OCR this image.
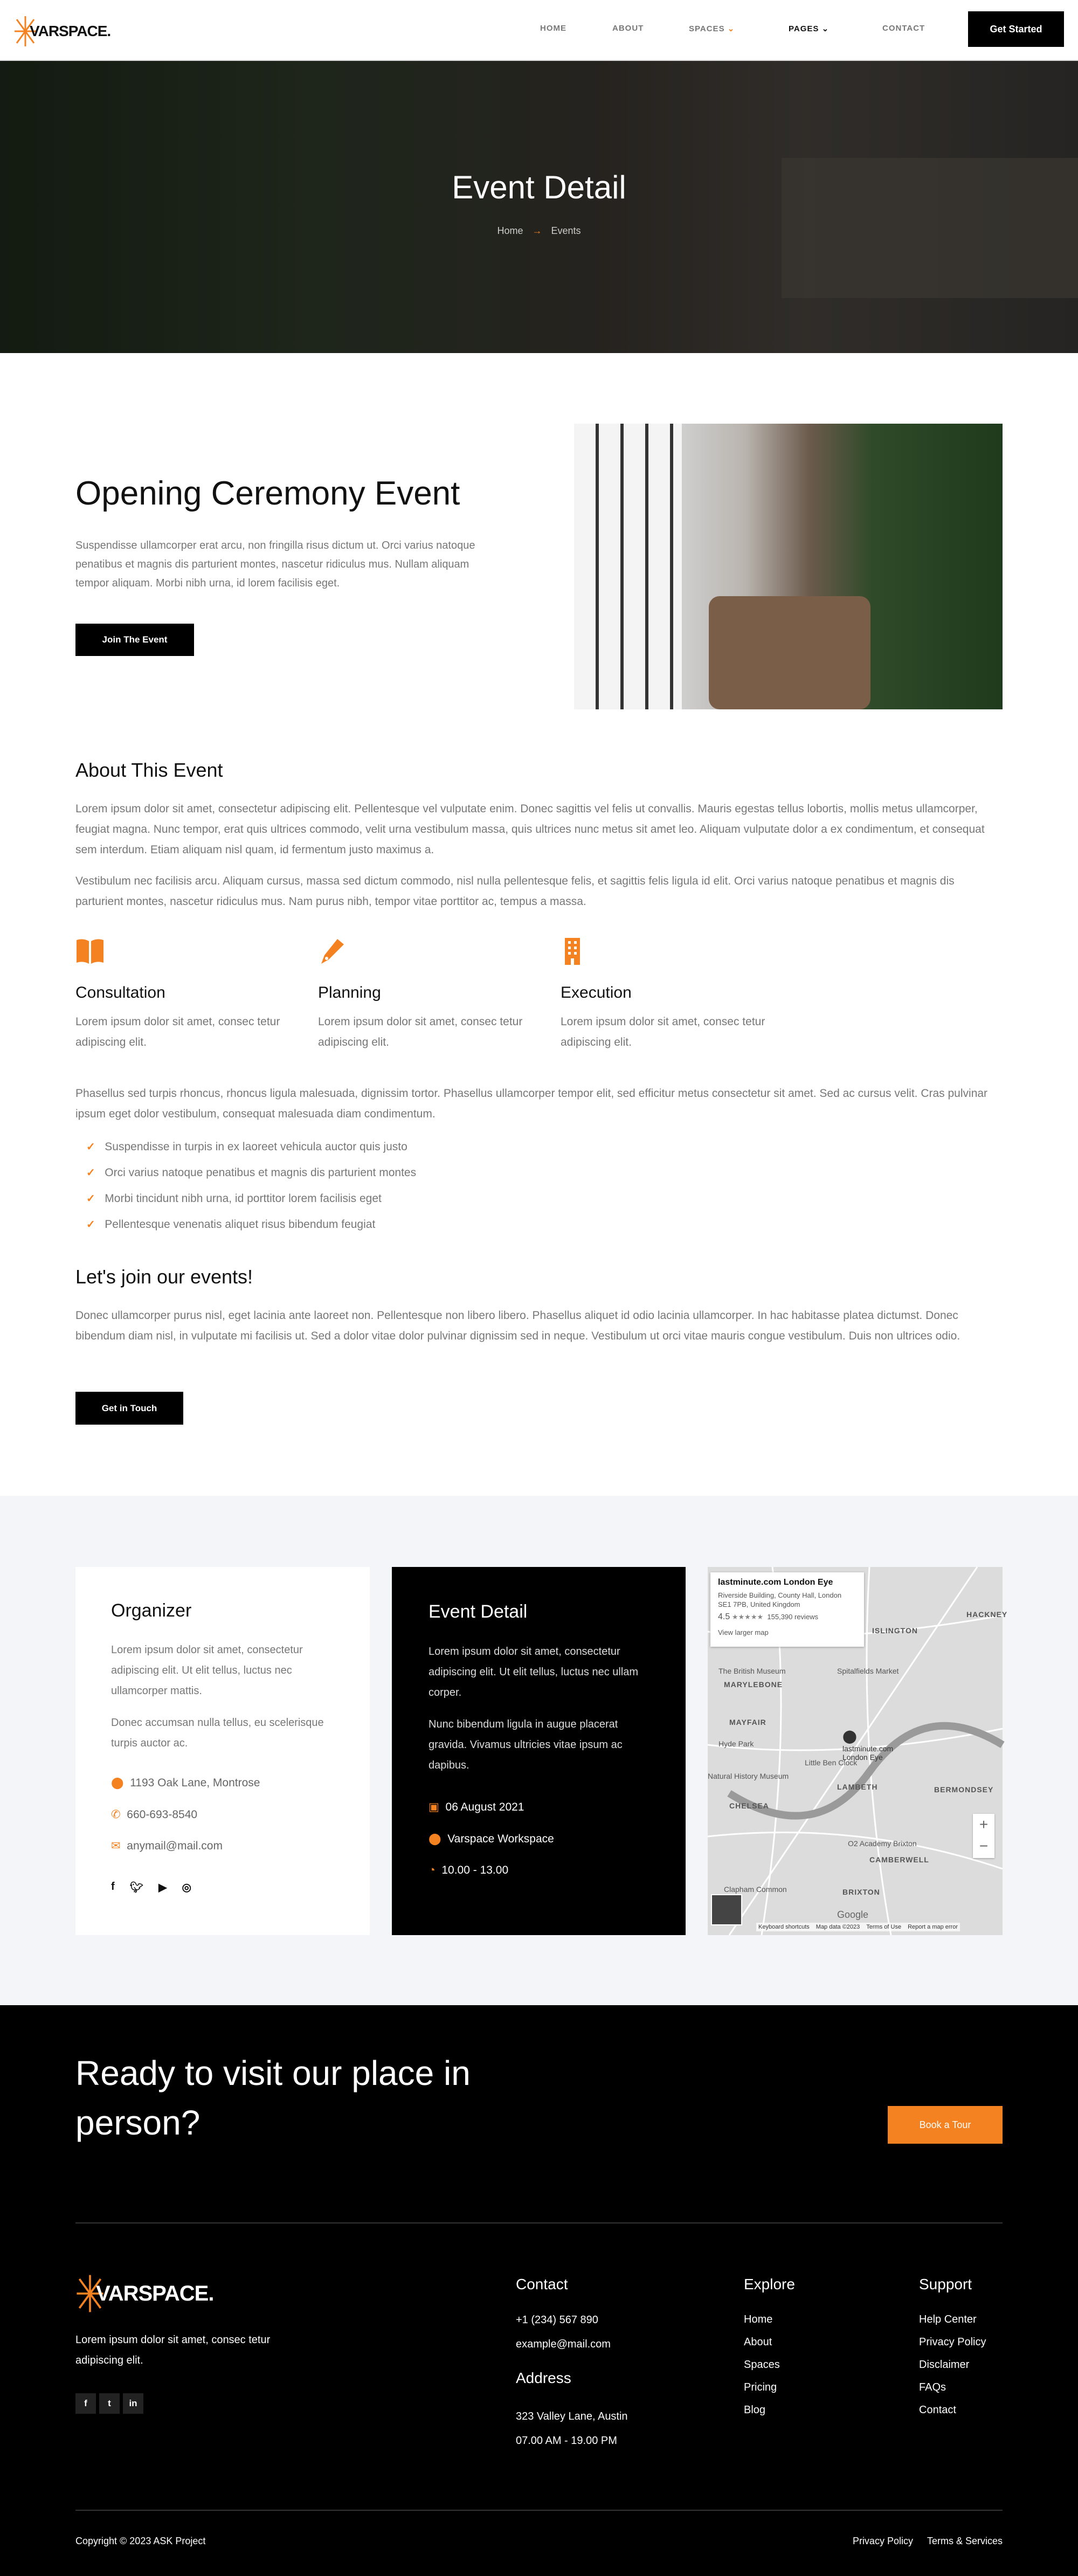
VARSPACE.	HOME	ABOUT	SPACES ⌄	PAGES ⌄	CONTACT	Get Started
Event Detail
Home → Events
Opening Ceremony Event

Suspendisse ullamcorper erat arcu, non fringilla risus dictum ut. Orci varius natoque penatibus et magnis dis parturient montes, nascetur ridiculus mus. Nullam aliquam tempor aliquam. Morbi nibh urna, id lorem facilisis eget.

Join The Event
About This Event

Lorem ipsum dolor sit amet, consectetur adipiscing elit. Pellentesque vel vulputate enim. Donec sagittis vel felis ut convallis. Mauris egestas tellus lobortis, mollis metus ullamcorper, feugiat magna. Nunc tempor, erat quis ultrices commodo, velit urna vestibulum massa, quis ultrices nunc metus sit amet leo. Aliquam vulputate dolor a ex condimentum, et consequat sem interdum. Etiam aliquam nisl quam, id fermentum justo maximus a.

Vestibulum nec facilisis arcu. Aliquam cursus, massa sed dictum commodo, nisl nulla pellentesque felis, et sagittis felis ligula id elit. Orci varius natoque penatibus et magnis dis parturient montes, nascetur ridiculus mus. Nam purus nibh, tempor vitae porttitor ac, tempus a massa.

Consultation

Lorem ipsum dolor sit amet, consec tetur adipiscing elit.

Planning

Lorem ipsum dolor sit amet, consec tetur adipiscing elit.

Execution

Lorem ipsum dolor sit amet, consec tetur adipiscing elit.

Phasellus sed turpis rhoncus, rhoncus ligula malesuada, dignissim tortor. Phasellus ullamcorper tempor elit, sed efficitur metus consectetur sit amet. Sed ac cursus velit. Cras pulvinar ipsum eget dolor vestibulum, consequat malesuada diam condimentum.

✓ Suspendisse in turpis in ex laoreet vehicula auctor quis justo
✓ Orci varius natoque penatibus et magnis dis parturient montes
✓ Morbi tincidunt nibh urna, id porttitor lorem facilisis eget
✓ Pellentesque venenatis aliquet risus bibendum feugiat
Let's join our events!

Donec ullamcorper purus nisl, eget lacinia ante laoreet non. Pellentesque non libero libero. Phasellus aliquet id odio lacinia ullamcorper. In hac habitasse platea dictumst. Donec bibendum diam nisl, in vulputate mi facilisis ut. Sed a dolor vitae dolor pulvinar dignissim sed in neque. Vestibulum ut orci vitae mauris congue vestibulum. Duis non ultrices odio.

Get in Touch
Organizer

Lorem ipsum dolor sit amet, consectetur adipiscing elit. Ut elit tellus, luctus nec ullamcorper mattis.

Donec accumsan nulla tellus, eu scelerisque turpis auctor ac.

⬤ 1193 Oak Lane, Montrose
✆ 660-693-8540
✉ anymail@mail.com
f 🐦︎ ▶ ◎
Event Detail

Lorem ipsum dolor sit amet, consectetur adipiscing elit. Ut elit tellus, luctus nec ullam corper.

Nunc bibendum ligula in augue placerat gravida. Vivamus ultricies vitae ipsum ac dapibus.

▣ 06 August 2021
⬤ Varspace Workspace
◔ 10.00 - 13.00
HACKNEY
ISLINGTON
MARYLEBONE
MAYFAIR
LAMBETH	BERMONDSEY
CHELSEA
CAMBERWELL
BRIXTON
The British Museum	Spitalfields Market
Hyde Park
Little Ben Clock
Natural History Museum
O2 Academy Brixton
Clapham Common
⬤ lastminute.com London Eye
lastminute.com London Eye
Riverside Building, County Hall, London SE1 7PB, United Kingdom
4.5 ★★★★★ 155,390 reviews
View larger map
+
−
Google
Keyboard shortcuts Map data ©2023 Terms of Use Report a map error
Ready to visit our place in person?	Book a Tour
VARSPACE.

Lorem ipsum dolor sit amet, consec tetur adipiscing elit.

f	t	in
Contact
+1 (234) 567 890
example@mail.com
Address
323 Valley Lane, Austin
07.00 AM - 19.00 PM
Explore
Home
About
Spaces
Pricing
Blog
Support
Help Center
Privacy Policy
Disclaimer
FAQs
Contact
Copyright © 2023 ASK Project	Privacy Policy Terms & Services
